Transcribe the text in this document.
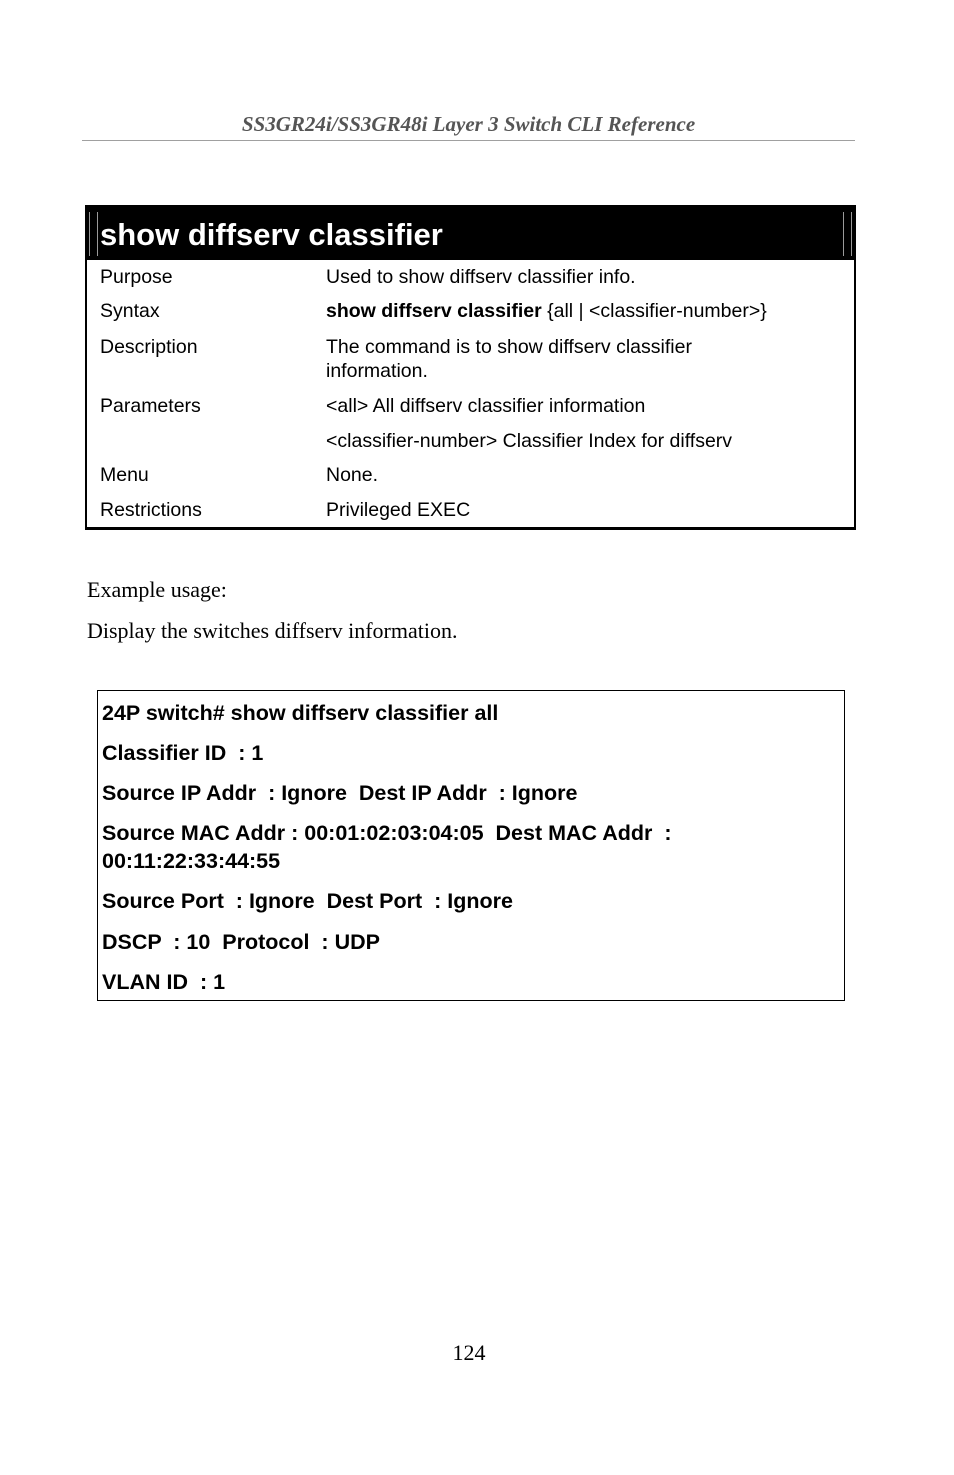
SS3GR24i/SS3GR48i Layer 3 Switch CLI Reference
show diffserv classifier
Purpose	Used to show diffserv classifier info.
Syntax	show diffserv classifier {all | <classifier-number>}
Description	The command is to show diffserv classifier information.
Parameters	<all> All diffserv classifier information
<classifier-number> Classifier Index for diffserv
Menu	None.
Restrictions	Privileged EXEC
Example usage:
Display the switches diffserv information.
24P switch# show diffserv classifier all
Classifier ID  : 1
Source IP Addr  : Ignore  Dest IP Addr  : Ignore
Source MAC Addr : 00:01:02:03:04:05  Dest MAC Addr  : 00:11:22:33:44:55
Source Port  : Ignore  Dest Port  : Ignore
DSCP  : 10  Protocol  : UDP
VLAN ID  : 1
124
